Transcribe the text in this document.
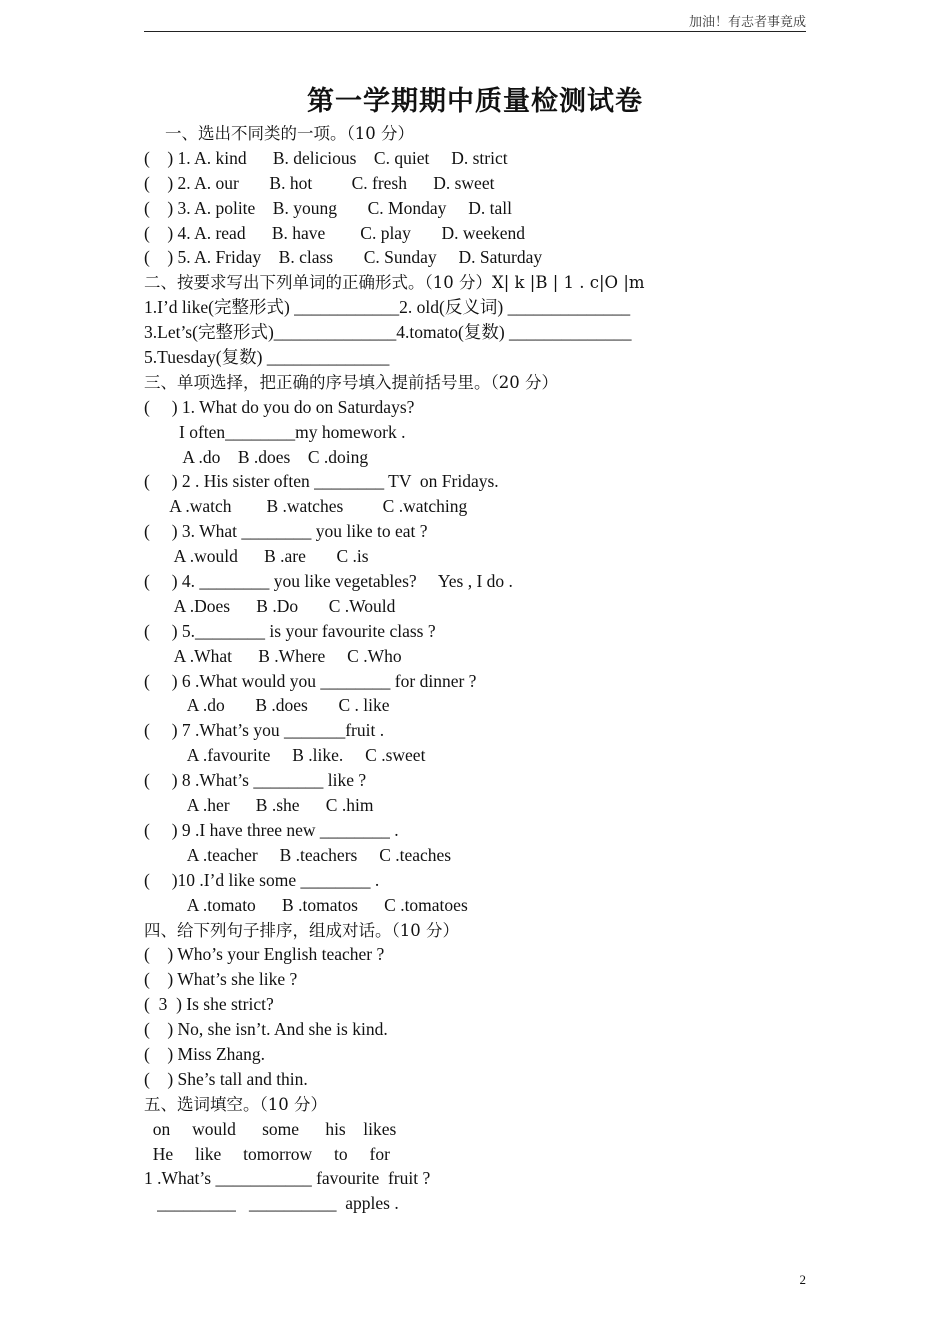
加油！有志者事竟成
第一学期期中质量检测试卷
一、选出不同类的一项。（10 分）
(    ) 1. A. kind      B. delicious    C. quiet     D. strict
(    ) 2. A. our       B. hot         C. fresh      D. sweet
(    ) 3. A. polite    B. young       C. Monday     D. tall
(    ) 4. A. read      B. have        C. play       D. weekend
(    ) 5. A. Friday    B. class       C. Sunday     D. Saturday
二、按要求写出下列单词的正确形式。（10 分）X| k |B | 1 . c|O |m
1.I’d like(完整形式) ____________2. old(反义词) ______________
3.Let’s(完整形式)______________4.tomato(复数) ______________
5.Tuesday(复数) ______________
三、单项选择，把正确的序号填入提前括号里。（20 分）
(     ) 1. What do you do on Saturdays?
I often________my homework .
A .do    B .does    C .doing
(     ) 2 . His sister often ________ TV  on Fridays.
A .watch        B .watches         C .watching
(     ) 3. What ________ you like to eat ?
A .would      B .are       C .is
(     ) 4. ________ you like vegetables?     Yes , I do .
A .Does      B .Do       C .Would
(     ) 5.________ is your favourite class ?
A .What      B .Where     C .Who
(     ) 6 .What would you ________ for dinner ?
A .do       B .does       C . like
(     ) 7 .What’s you _______fruit .
A .favourite     B .like.     C .sweet
(     ) 8 .What’s ________ like ?
A .her      B .she      C .him
(     ) 9 .I have three new ________ .
A .teacher     B .teachers     C .teaches
(     )10 .I’d like some ________ .
A .tomato      B .tomatos      C .tomatoes
四、给下列句子排序，组成对话。（10 分）
(    ) Who’s your English teacher ?
(    ) What’s she like ?
(  3  ) Is she strict?
(    ) No, she isn’t. And she is kind.
(    ) Miss Zhang.
(    ) She’s tall and thin.
五、选词填空。（10 分）
on     would      some      his    likes
He     like     tomorrow     to     for
1 .What’s ___________ favourite  fruit ?
_________   __________  apples .
2
